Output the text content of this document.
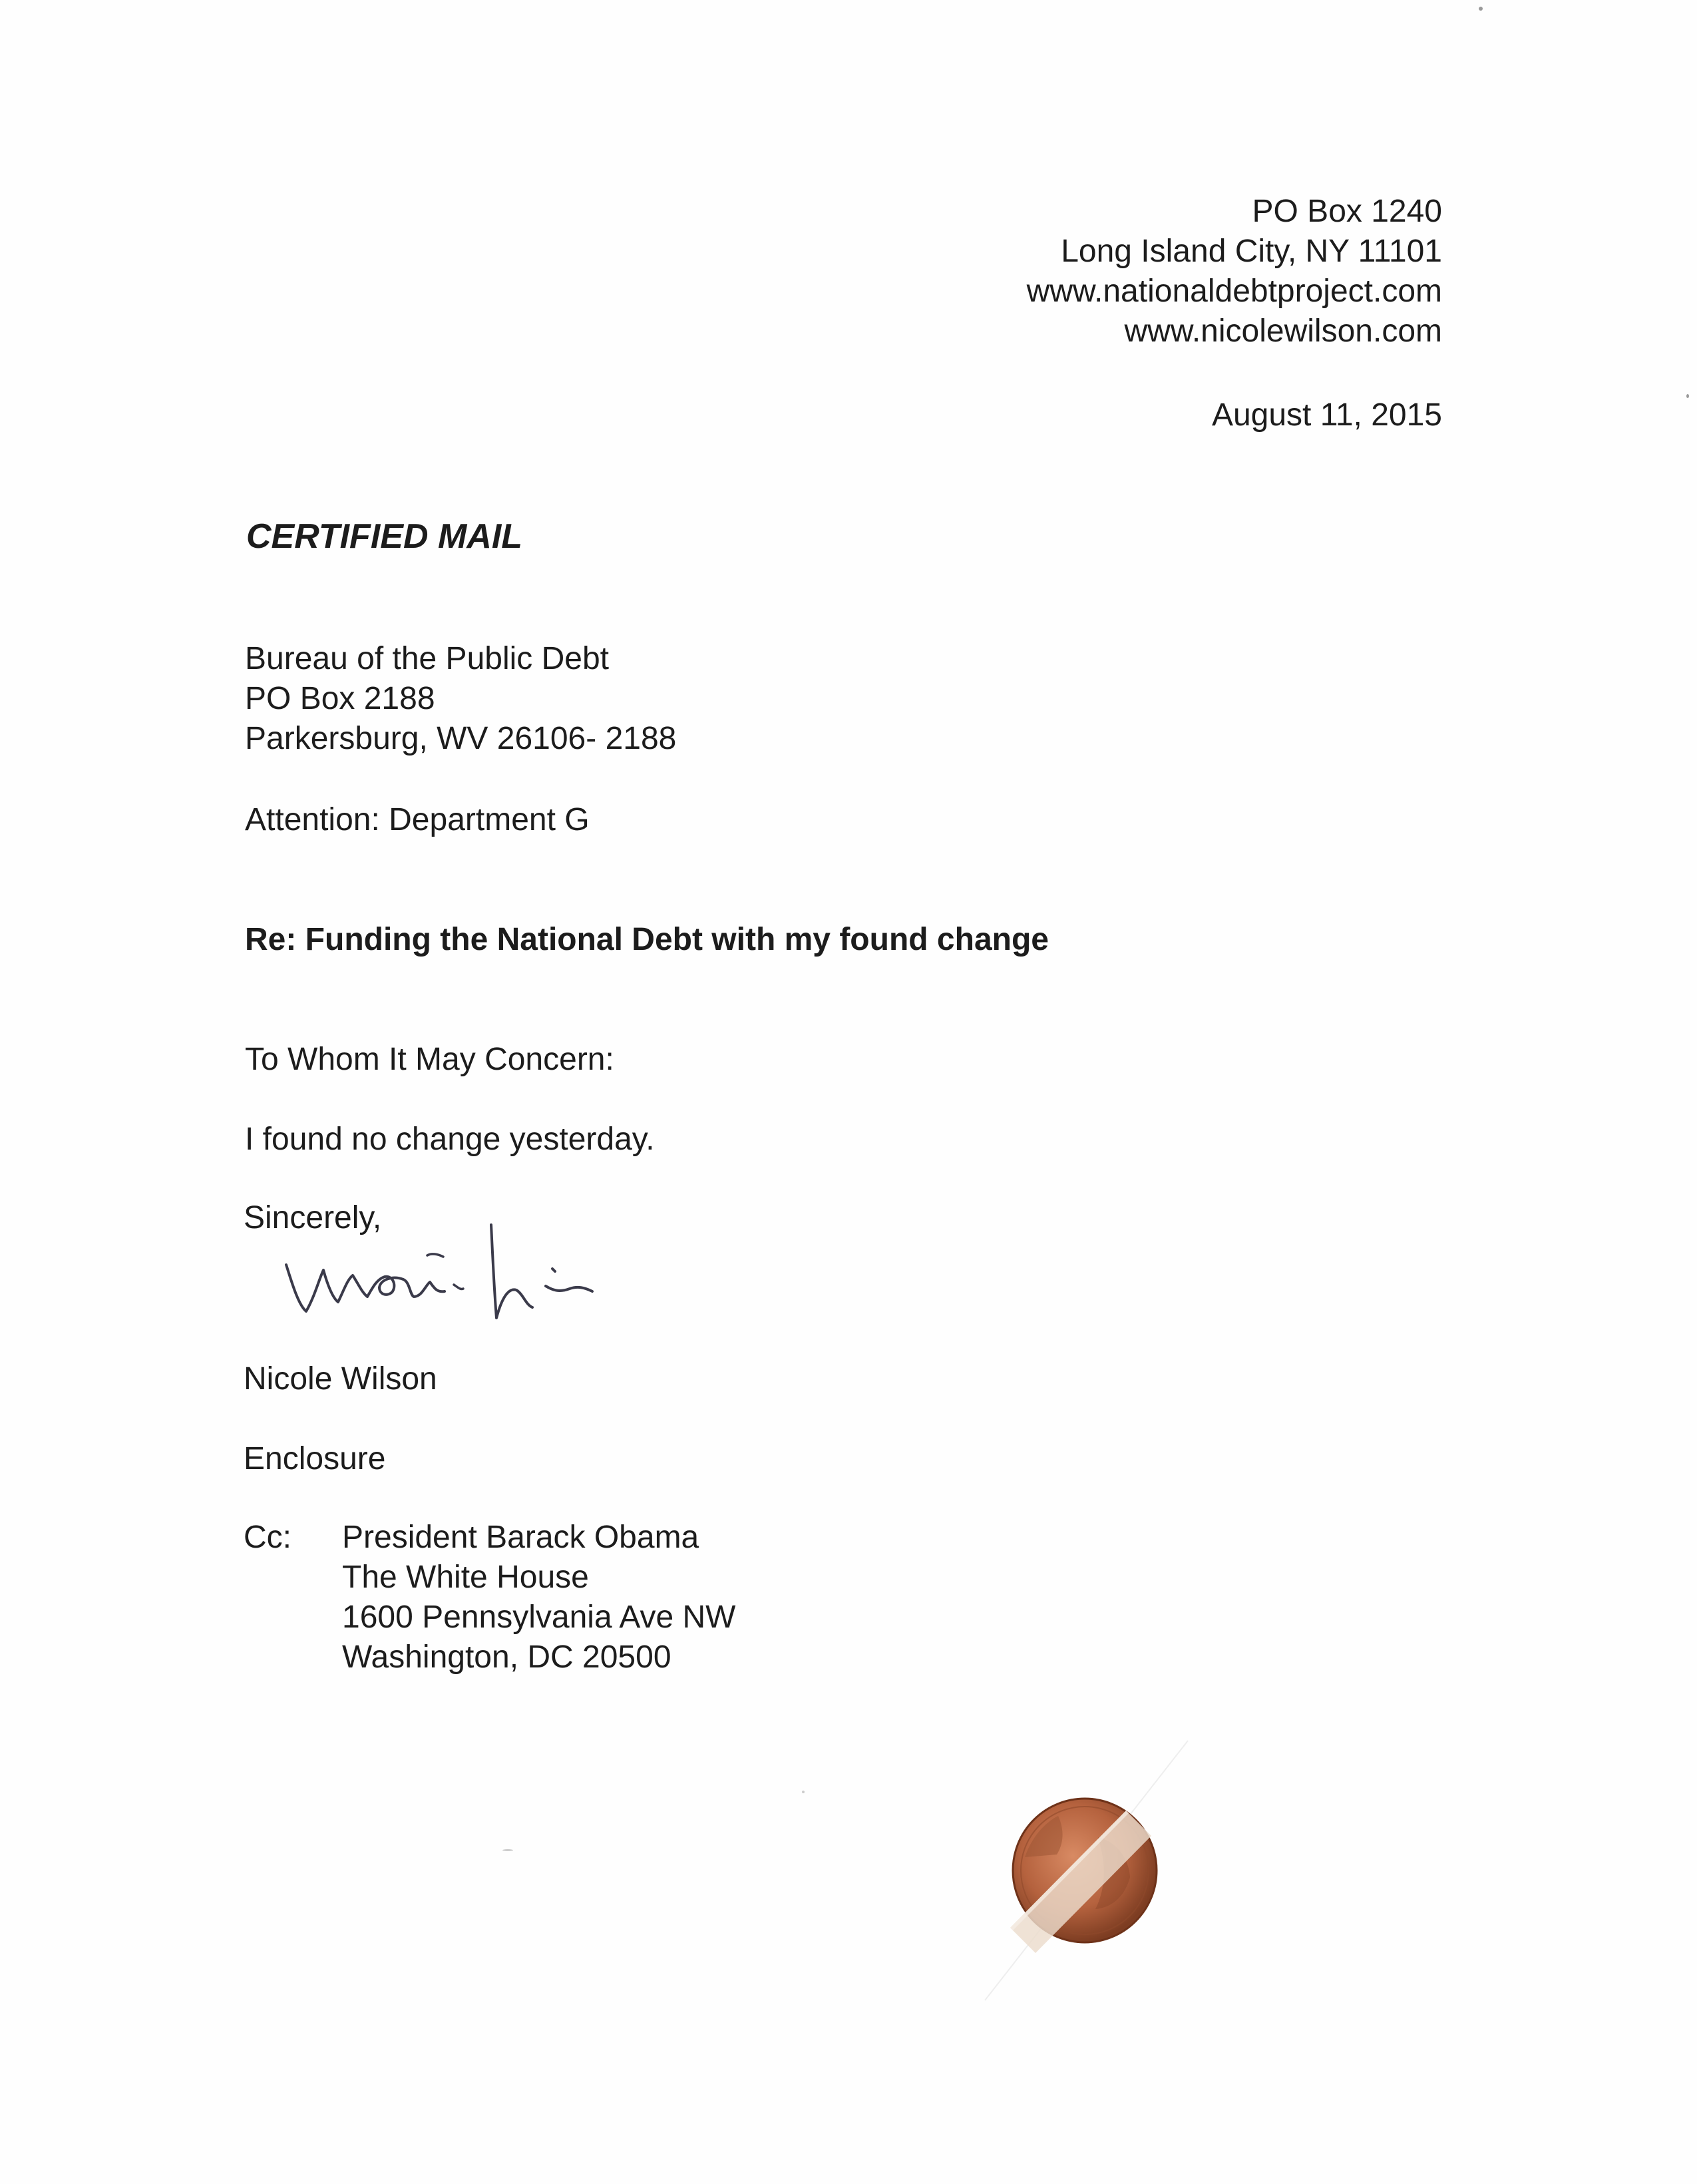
PO Box 1240
Long Island City, NY 11101
www.nationaldebtproject.com
www.nicolewilson.com
August 11, 2015
CERTIFIED MAIL
Bureau of the Public Debt
PO Box 2188
Parkersburg, WV 26106- 2188
Attention: Department G
Re: Funding the National Debt with my found change
To Whom It May Concern:
I found no change yesterday.
Sincerely,
Nicole Wilson
Enclosure
Cc: President Barack Obama
The White House
1600 Pennsylvania Ave NW
Washington, DC 20500
